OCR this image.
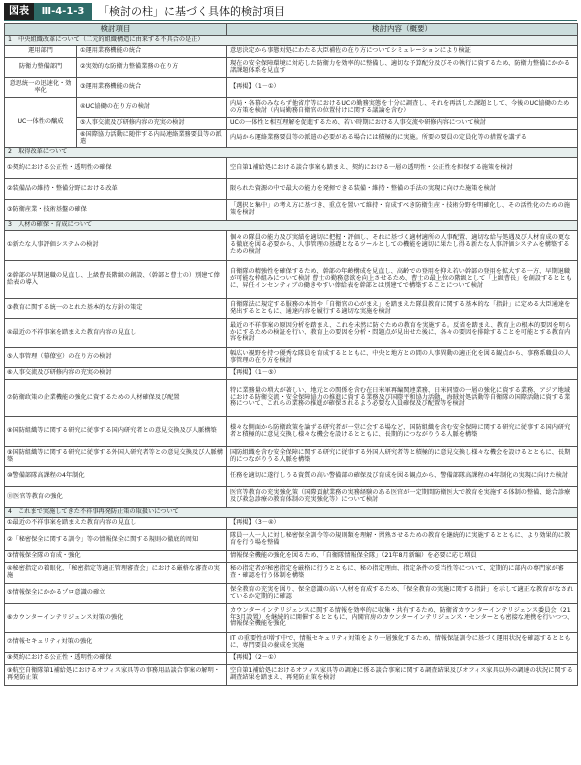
図表	Ⅲ-4-1-3	「検討の柱」に基づく具体的検討項目
検討項目		検討内容（概要）
1　中央組織改革について（二元的組織構造に由来する不具合の是正）		
運用部門	①運用業務機能の統合	意思決定から事態対処にわたる大臣補佐の在り方についてシミュレーションにより検証
防衛力整備部門	②実効的な防衛力整備業務の在り方	現在の安全保障環境に対応した防衛力を効率的に整備し、適切な予算配分及びその執行に資するため、防衛力整備にかかる諸課題体系を見直す
意思統一の迅速化・効率化	③運用業務機能の統合	【再掲】（1－①）
UC一体性の醸成	④UC協働の在り方の検討	内局・各幕のみならず他省庁等におけるUCの勤務実態を十分に調査し、それを再活した課題として、今後のUC協働のための方策を検討（内局勤務自衛官の位置付けに関する議論を含む）
	⑤人事交流及び研修内容の充実の検討	UCの一体性と相互理解を促進するため、若い時期における人事交流や研修内容について検討
	⑥国際協力活動に随伴する内局連絡業務要員等の派遣	内局から運絡業務要員等の派遣の必要がある場合には積極的に実施。所要の要員の定員化等の措置を講ずる
2　取得改革について		
①契約における公正性・透明性の確保		空自第1補給処における談合事案も踏まえ、契約における一層の透明性・公正性を担保する施策を検討
②装備品の維持・整備分野における改革		限られた資源の中で最大の能力を発揮できる装備・維持・整備の手法の実現に向けた施策を検討
③防衛産業・技術基盤の確保		「選択と集中」の考え方に基づき、重点を置いて維持・育成すべき防衛生産・技術分野を明確化し、その活性化のための施策を検討
3　人材の確保・育成について		
①新たな人事評価システムの検討		個々の隊員の能力及び実績を適切に把握・評価し、それに基づく適材適所の人事配置、適切な給与処遇及び人材育成の更なる徹底を図る必要から、人事管理の基礎となるツールとしての機能を適切に果たし得る新たな人事評価システムを構築するための検討
②幹部の早期退職の見直し、上級曹長階級の創設、（幹部と曹士の）別建て俸給表の導入		自衛隊の精強性を確保するため、幹部の年齢構成を見直し、高齢での登用を抑え若い幹部の登用を拡大する一方、早期退職が可能な枠組みについて検討 曹士の勤務意欲を向上させるため、曹士の最上位の階級として「上級曹長」を創設するとともに、昇任インセンティブの働きやすい俸給表を幹部とは別建てで構築することについて検討
③教育に関する統一のとれた基本的な方針の策定		自衛隊法に規定する服務の本旨や「自衛官の心がまえ」を踏まえた隊員教育に関する基本的な「指針」に定める大臣通達を発出するとともに、通達内容を履行する適切な実施を検討
④最近の不祥事案を踏まえた教育内容の見直し		最近の不祥事案の原因分析を踏まえ、これを未然に防ぐための教育を実施する。反省を踏まえ、教育上の根本的要因を明らかにするための検証を行い、教育上の要因を分析・問題点が見出せた後に、各々の要因を排除することを可能とする教育内容を検討
⑤人事管理（幕僚室）の在り方の検討		幅広い視野を持つ優秀な隊員を育成するとともに、中央と地方との間の人事異動の適正化を図る観点から、事務系職員の人事管理の在り方を検討
⑥人事交流及び研修内容の充実の検討		【再掲】（1－⑤）
⑦防衛政策の企業機能の強化に資するための人材確保及び配置		特に業務量の増大が著しい、地元との関係を含む在日米軍再編関連業務、日米同盟の一層の強化に資する業務、アジア地域における防衛交流・安全保障協力の推進に資する業務及び国際平和協力活動、海賊対処活動等自衛隊の国際活動に資する業務について、これらの業務の推進が確保されるよう必要な人員確保及び配置等を検討
⑧国防組織等に関する研究に従事する国内研究者との意見交換及び人脈構築		様々な側面から防衛政策を論ずる研究者が一堂に会する場など、国防組織を含む安全保障に関する研究に従事する国内研究者と積極的に意見交換し様々な機会を設けるとともに、長期的につながりうる人脈を構築
⑨国防組織等に関する研究に従事する外国人研究者等との意見交換及び人脈構築		国防組織を含む安全保障に関する研究に従事する外国人研究者等と積極的に意見交換し様々な機会を設けるとともに、長期的につながりうる人脈を構築
⑩警備部隊高課程の4年制化		任務を適切に遂行しうる資質の高い警備部の確保及び育成を図る観点から、警備部隊高課程の4年制化の実現に向けた検討
⑪医官等教育の強化		医官等教育の充実強化策（国際貢献業務の実務経験のある医官が一定期間防衛医大で教育を実施する体制の整備、総合診療及び救急診療の教育体制の充実強化等）について検討
4　これまで実施してきた不祥事再発防止策の取扱いについて		
①最近の不祥事案を踏まえた教育内容の見直し		【再掲】（3－④）
②「秘密保全に関する訓令」等の情報保全に関する規則の徹底的周知		隊員一人一人に対し秘密保全訓令等の規則類を理解・習熟させるための教育を継続的に実施するとともに、より効果的に教育を行う場を整備
③情報保全隊の育成・強化		情報保全機能の強化を図るため、「自衛隊情報保全隊」（21年8月新編）を必要に応じ増員
④秘密指定の着眼化、「秘密指定等適正管理審査会」における厳格な審査の実施		秘の指定者が秘密指定を厳格に行うとともに、秘の指定理由、指定条件の妥当性等について、定期的に部内の専門家が審査・確認を行う体制を構築
⑤情報保全にかかるプロ意識の確立		保全教育の充実を図り、保全意識の高い人材を育成するため、「保全教育の実施に関する指針」を示して適正な教育がなされているか定期的に確認
⑥カウンターインテリジェンス対策の強化		カウンターインテリジェンスに関する情報を効率的に収集・共有するため、防衛省カウンターインテリジェンス委員会（21年3月設置）を継続的に開催するとともに、内閣官房のカウンターインテリジェンス・センターとも密接な連携を行いつつ、情報保全機能を強化
⑦情報セキュリティ対策の強化		IT の重要性が増す中で、情報セキュリティ対策をより一層強化するため、情報保証訓令に基づく運用状況を確認するとともに、専門要員の養成を実施
⑧契約における公正性・透明性の確保		【再掲】（2－①）
⑨航空自衛隊第1補給処におけるオフィス家具等の事務用品談合事案の解明・再発防止策		空自第1補給処におけるオフィス家具等の調達に係る談合事案に関する調査結果及びオフィス家具以外の調達の状況に関する調査結果を踏まえ、再発防止策を検討
